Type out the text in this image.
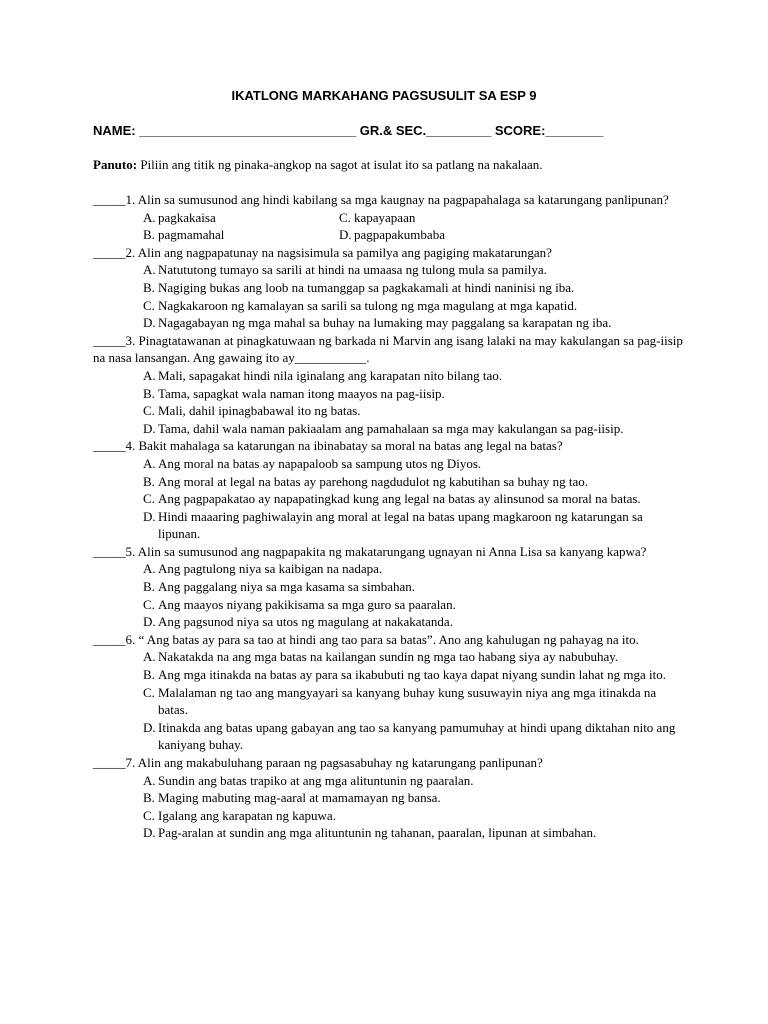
IKATLONG MARKAHANG PAGSUSULIT SA ESP 9
NAME: ______________________________ GR.& SEC._________ SCORE:________
Panuto: Piliin ang titik ng pinaka-angkop na sagot at isulat ito sa patlang na nakalaan.
_____1. Alin sa sumusunod ang hindi kabilang sa mga kaugnay na pagpapahalaga sa katarungang panlipunan?
A. pagkakaisa	C. kapayapaan
B. pagmamahal	D. pagpapakumbaba
_____2. Alin ang nagpapatunay na nagsisimula sa pamilya ang pagiging makatarungan?
A. Natututong tumayo sa sarili at hindi na umaasa ng tulong mula sa pamilya.
B. Nagiging bukas ang loob na tumanggap sa pagkakamali at hindi naninisi ng iba.
C. Nagkakaroon ng kamalayan sa sarili sa tulong ng mga magulang at mga kapatid.
D. Nagagabayan ng mga mahal sa buhay na lumaking may paggalang sa karapatan ng iba.
_____3. Pinagtatawanan at pinagkatuwaan ng barkada ni Marvin ang isang lalaki na may kakulangan sa pag-iisip na nasa lansangan. Ang gawaing ito ay___________.
A. Mali, sapagakat hindi nila iginalang ang karapatan nito bilang tao.
B. Tama, sapagkat wala naman itong maayos na pag-iisip.
C. Mali, dahil ipinagbabawal ito ng batas.
D. Tama, dahil wala naman pakiaalam ang pamahalaan sa mga may kakulangan sa pag-iisip.
_____4. Bakit mahalaga sa katarungan na ibinabatay sa moral na batas ang legal na batas?
A. Ang moral na batas ay napapaloob sa sampung utos ng Diyos.
B. Ang moral at legal na batas ay parehong nagdudulot ng kabutihan sa buhay ng tao.
C. Ang pagpapakatao ay napapatingkad kung ang legal na batas ay alinsunod sa moral na batas.
D. Hindi maaaring paghiwalayin ang moral at legal na batas upang magkaroon ng katarungan sa lipunan.
_____5. Alin sa sumusunod ang nagpapakita ng makatarungang ugnayan ni Anna Lisa sa kanyang kapwa?
A. Ang pagtulong niya sa kaibigan na nadapa.
B. Ang paggalang niya sa mga kasama sa simbahan.
C. Ang maayos niyang pakikisama sa mga guro sa paaralan.
D. Ang pagsunod niya sa utos ng magulang at nakakatanda.
_____6. “ Ang batas ay para sa tao at hindi ang tao para sa batas”. Ano ang kahulugan ng pahayag na ito.
A. Nakatakda na ang mga batas na kailangan sundin ng mga tao habang siya ay nabubuhay.
B. Ang mga itinakda na batas ay para sa ikabubuti ng tao kaya dapat niyang sundin lahat ng mga ito.
C. Malalaman ng tao ang mangyayari sa kanyang buhay kung susuwayin niya ang mga itinakda na batas.
D. Itinakda ang batas upang gabayan ang tao sa kanyang pamumuhay at hindi upang diktahan nito ang kaniyang buhay.
_____7. Alin ang makabuluhang paraan ng pagsasabuhay ng katarungang panlipunan?
A. Sundin ang batas trapiko at ang mga alituntunin ng paaralan.
B. Maging mabuting mag-aaral at mamamayan ng bansa.
C. Igalang ang karapatan ng kapuwa.
D. Pag-aralan at sundin ang mga alituntunin ng tahanan, paaralan, lipunan at simbahan.
